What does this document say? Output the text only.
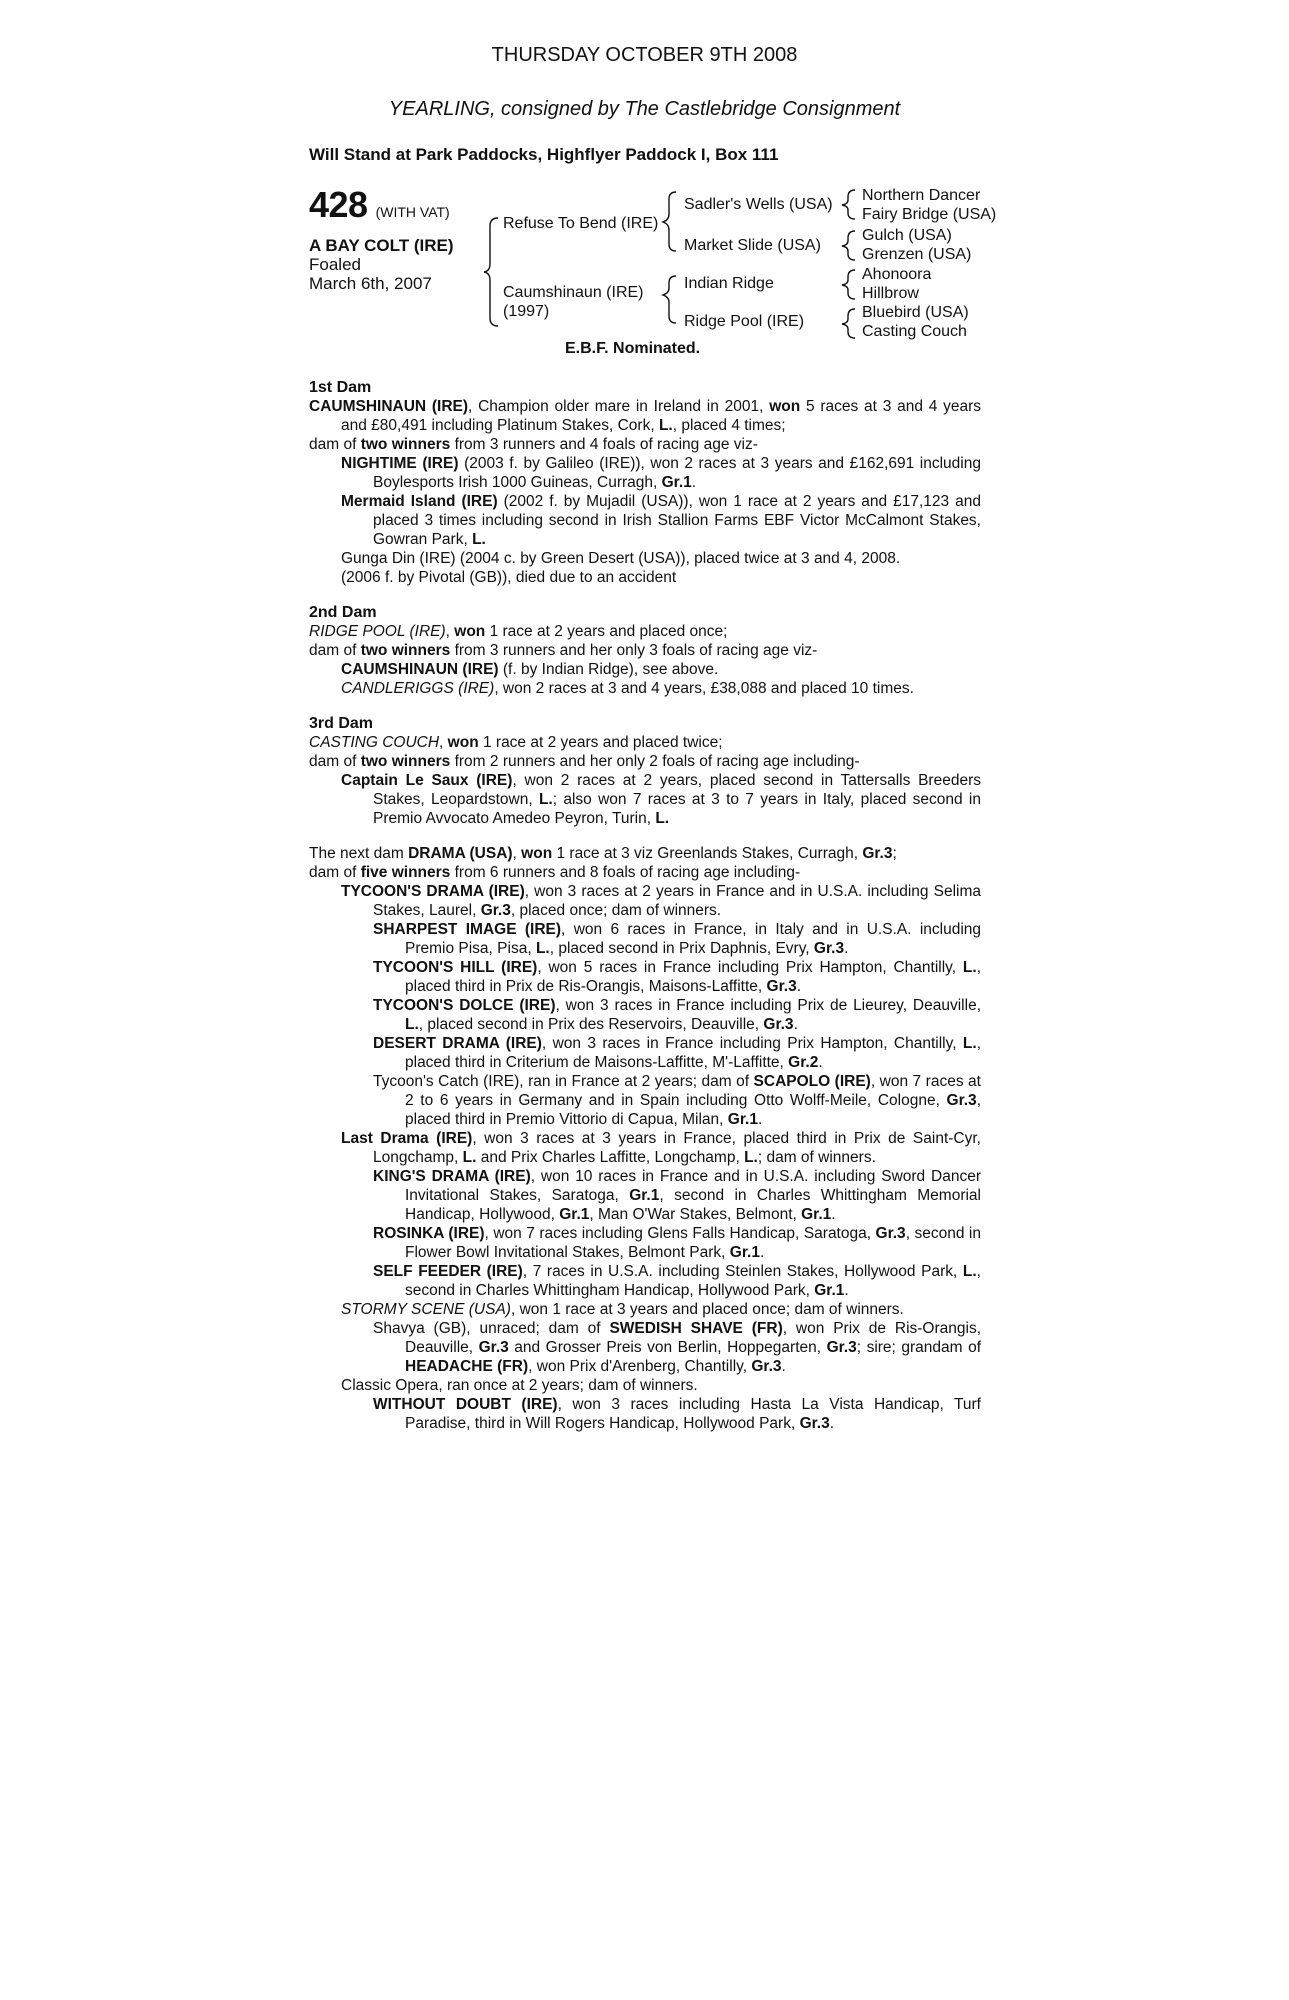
THURSDAY OCTOBER 9TH 2008
YEARLING, consigned by The Castlebridge Consignment
Will Stand at Park Paddocks, Highflyer Paddock I, Box 111
428 (WITH VAT)
A BAY COLT (IRE)
Foaled
March 6th, 2007
Refuse To Bend (IRE)
Caumshinaun (IRE)
(1997)
Sadler's Wells (USA)
Market Slide (USA)
Indian Ridge
Ridge Pool (IRE)
Northern Dancer
Fairy Bridge (USA)
Gulch (USA)
Grenzen (USA)
Ahonoora
Hillbrow
Bluebird (USA)
Casting Couch
E.B.F. Nominated.
1st Dam
CAUMSHINAUN (IRE), Champion older mare in Ireland in 2001, won 5 races at 3 and 4 years and £80,491 including Platinum Stakes, Cork, L., placed 4 times;
dam of two winners from 3 runners and 4 foals of racing age viz-
NIGHTIME (IRE) (2003 f. by Galileo (IRE)), won 2 races at 3 years and £162,691 including Boylesports Irish 1000 Guineas, Curragh, Gr.1.
Mermaid Island (IRE) (2002 f. by Mujadil (USA)), won 1 race at 2 years and £17,123 and placed 3 times including second in Irish Stallion Farms EBF Victor McCalmont Stakes, Gowran Park, L.
Gunga Din (IRE) (2004 c. by Green Desert (USA)), placed twice at 3 and 4, 2008.
(2006 f. by Pivotal (GB)), died due to an accident
2nd Dam
RIDGE POOL (IRE), won 1 race at 2 years and placed once;
dam of two winners from 3 runners and her only 3 foals of racing age viz-
CAUMSHINAUN (IRE) (f. by Indian Ridge), see above.
CANDLERIGGS (IRE), won 2 races at 3 and 4 years, £38,088 and placed 10 times.
3rd Dam
CASTING COUCH, won 1 race at 2 years and placed twice;
dam of two winners from 2 runners and her only 2 foals of racing age including-
Captain Le Saux (IRE), won 2 races at 2 years, placed second in Tattersalls Breeders Stakes, Leopardstown, L.; also won 7 races at 3 to 7 years in Italy, placed second in Premio Avvocato Amedeo Peyron, Turin, L.
The next dam DRAMA (USA), won 1 race at 3 viz Greenlands Stakes, Curragh, Gr.3;
dam of five winners from 6 runners and 8 foals of racing age including-
TYCOON'S DRAMA (IRE), won 3 races at 2 years in France and in U.S.A. including Selima Stakes, Laurel, Gr.3, placed once; dam of winners.
SHARPEST IMAGE (IRE), won 6 races in France, in Italy and in U.S.A. including Premio Pisa, Pisa, L., placed second in Prix Daphnis, Evry, Gr.3.
TYCOON'S HILL (IRE), won 5 races in France including Prix Hampton, Chantilly, L., placed third in Prix de Ris-Orangis, Maisons-Laffitte, Gr.3.
TYCOON'S DOLCE (IRE), won 3 races in France including Prix de Lieurey, Deauville, L., placed second in Prix des Reservoirs, Deauville, Gr.3.
DESERT DRAMA (IRE), won 3 races in France including Prix Hampton, Chantilly, L., placed third in Criterium de Maisons-Laffitte, M'-Laffitte, Gr.2.
Tycoon's Catch (IRE), ran in France at 2 years; dam of SCAPOLO (IRE), won 7 races at 2 to 6 years in Germany and in Spain including Otto Wolff-Meile, Cologne, Gr.3, placed third in Premio Vittorio di Capua, Milan, Gr.1.
Last Drama (IRE), won 3 races at 3 years in France, placed third in Prix de Saint-Cyr, Longchamp, L. and Prix Charles Laffitte, Longchamp, L.; dam of winners.
KING'S DRAMA (IRE), won 10 races in France and in U.S.A. including Sword Dancer Invitational Stakes, Saratoga, Gr.1, second in Charles Whittingham Memorial Handicap, Hollywood, Gr.1, Man O'War Stakes, Belmont, Gr.1.
ROSINKA (IRE), won 7 races including Glens Falls Handicap, Saratoga, Gr.3, second in Flower Bowl Invitational Stakes, Belmont Park, Gr.1.
SELF FEEDER (IRE), 7 races in U.S.A. including Steinlen Stakes, Hollywood Park, L., second in Charles Whittingham Handicap, Hollywood Park, Gr.1.
STORMY SCENE (USA), won 1 race at 3 years and placed once; dam of winners.
Shavya (GB), unraced; dam of SWEDISH SHAVE (FR), won Prix de Ris-Orangis, Deauville, Gr.3 and Grosser Preis von Berlin, Hoppegarten, Gr.3; sire; grandam of HEADACHE (FR), won Prix d'Arenberg, Chantilly, Gr.3.
Classic Opera, ran once at 2 years; dam of winners.
WITHOUT DOUBT (IRE), won 3 races including Hasta La Vista Handicap, Turf Paradise, third in Will Rogers Handicap, Hollywood Park, Gr.3.
